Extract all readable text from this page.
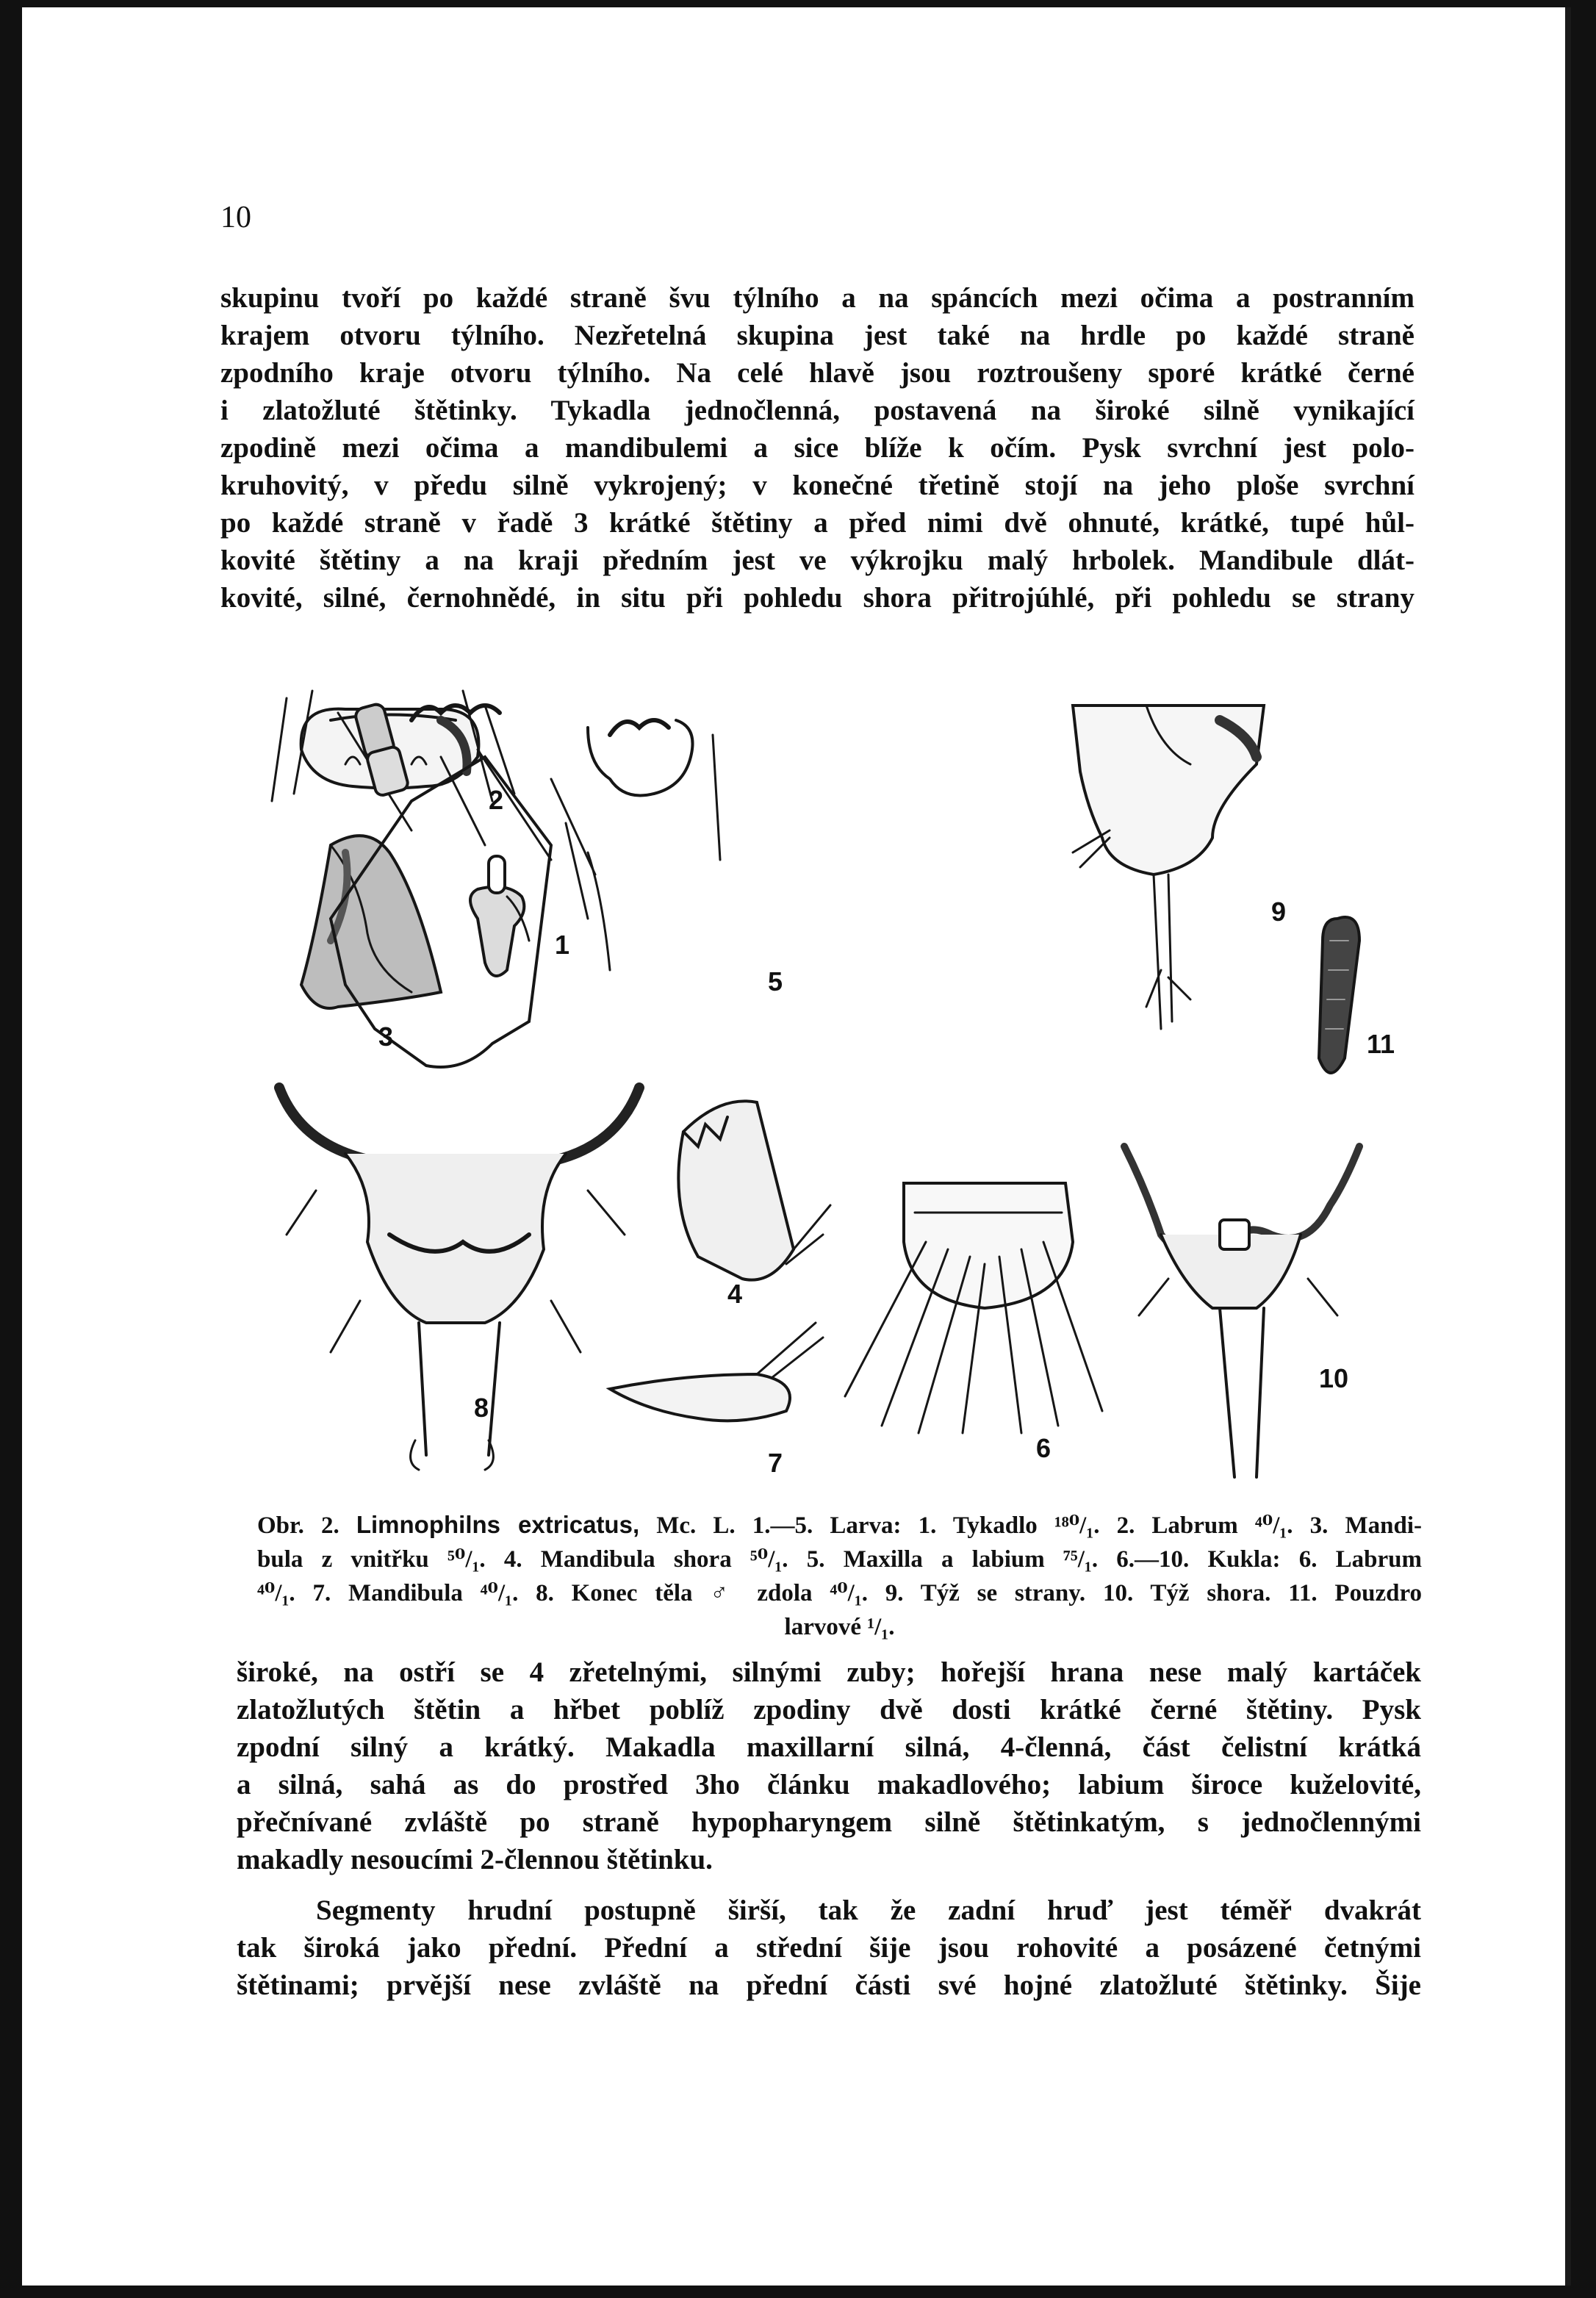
10

skupinu tvoří po každé straně švu týlního a na spáncích mezi očima a postranním
krajem otvoru týlního. Nezřetelná skupina jest také na hrdle po každé straně
zpodního kraje otvoru týlního. Na celé hlavě jsou roztroušeny sporé krátké černé
i zlatožluté štětinky. Tykadla jednočlenná, postavená na široké silně vynikající
zpodině mezi očima a mandibulemi a sice blíže k očím. Pysk svrchní jest polo-
kruhovitý, v předu silně vykrojený; v konečné třetině stojí na jeho ploše svrchní
po každé straně v řadě 3 krátké štětiny a před nimi dvě ohnuté, krátké, tupé hůl-
kovité štětiny a na kraji předním jest ve výkrojku malý hrbolek. Mandibule dlát-
kovité, silné, černohnědé, in situ při pohledu shora přitrojúhlé, při pohledu se strany

2
1
3
4
5
6
7
8
9
10
11
Obr. 2. Limnophilns extricatus, Mc. L. 1.—5. Larva: 1. Tykadlo ¹⁸⁰/₁. 2. Labrum ⁴⁰/₁. 3. Mandi-
bula z vnitřku ⁵⁰/₁. 4. Mandibula shora ⁵⁰/₁. 5. Maxilla a labium ⁷⁵/₁. 6.—10. Kukla: 6. Labrum
⁴⁰/₁. 7. Mandibula ⁴⁰/₁. 8. Konec těla ♂ zdola ⁴⁰/₁. 9. Týž se strany. 10. Týž shora. 11. Pouzdro
larvové ¹/₁.

široké, na ostří se 4 zřetelnými, silnými zuby; hořejší hrana nese malý kartáček
zlatožlutých štětin a hřbet poblíž zpodiny dvě dosti krátké černé štětiny. Pysk
zpodní silný a krátký. Makadla maxillarní silná, 4-členná, část čelistní krátká
a silná, sahá as do prostřed 3ho článku makadlového; labium široce kuželovité,
přečnívané zvláště po straně hypopharyngem silně štětinkatým, s jednočlennými
makadly nesoucími 2-člennou štětinku.

Segmenty hrudní postupně širší, tak že zadní hruď jest téměř dvakrát
tak široká jako přední. Přední a střední šije jsou rohovité a posázené četnými
štětinami; prvější nese zvláště na přední části své hojné zlatožluté štětinky. Šije
